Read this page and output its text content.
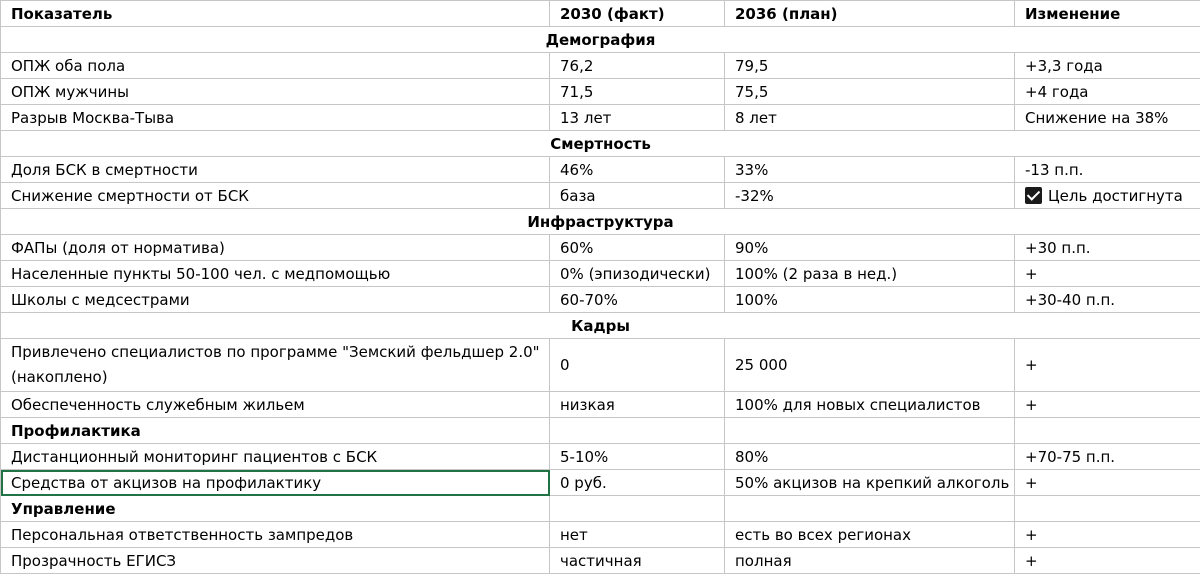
Показатель	2030 (факт)	2036 (план)	Изменение
Демография			
ОПЖ оба пола	76,2	79,5	+3,3 года
ОПЖ мужчины	71,5	75,5	+4 года
Разрыв Москва-Тыва	13 лет	8 лет	Снижение на 38%
Смертность			
Доля БСК в смертности	46%	33%	-13 п.п.
Снижение смертности от БСК	база	-32%	Цель достигнута
Инфраструктура			
ФАПы (доля от норматива)	60%	90%	+30 п.п.
Населенные пункты 50-100 чел. с медпомощью	0% (эпизодически)	100% (2 раза в нед.)	+
Школы с медсестрами	60-70%	100%	+30-40 п.п.
Кадры			
Привлечено специалистов по программе "Земский фельдшер 2.0" (накоплено)	0	25 000	+
Обеспеченность служебным жильем	низкая	100% для новых специалистов	+
Профилактика			
Дистанционный мониторинг пациентов с БСК	5-10%	80%	+70-75 п.п.
Средства от акцизов на профилактику	0 руб.	50% акцизов на крепкий алкоголь	+
Управление			
Персональная ответственность зампредов	нет	есть во всех регионах	+
Прозрачность ЕГИСЗ	частичная	полная	+
